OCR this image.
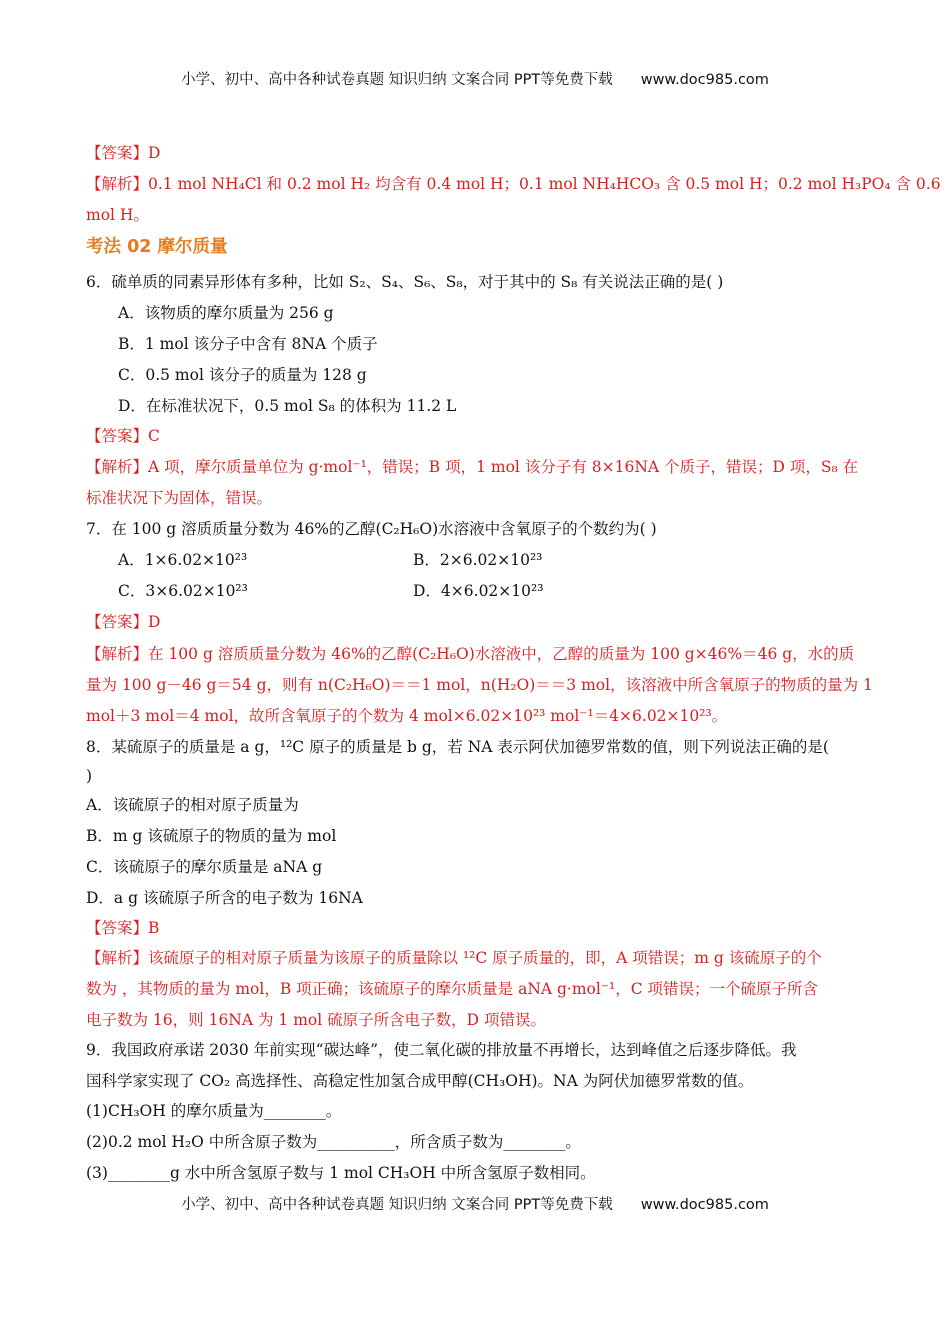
小学、初中、高中各种试卷真题 知识归纳 文案合同 PPT等免费下载 www.doc985.com
【答案】D
【解析】0.1 mol NH₄Cl 和 0.2 mol H₂ 均含有 0.4 mol H；0.1 mol NH₄HCO₃ 含 0.5 mol H；0.2 mol H₃PO₄ 含 0.6
mol H。
考法 02 摩尔质量
6．硫单质的同素异形体有多种，比如 S₂、S₄、S₆、S₈，对于其中的 S₈ 有关说法正确的是( )
A．该物质的摩尔质量为 256 g
B．1 mol 该分子中含有 8NA 个质子
C．0.5 mol 该分子的质量为 128 g
D．在标准状况下，0.5 mol S₈ 的体积为 11.2 L
【答案】C
【解析】A 项，摩尔质量单位为 g·mol⁻¹，错误；B 项，1 mol 该分子有 8×16NA 个质子，错误；D 项，S₈ 在
标准状况下为固体，错误。
7．在 100 g 溶质质量分数为 46%的乙醇(C₂H₆O)水溶液中含氧原子的个数约为( )
A．1×6.02×10²³	B．2×6.02×10²³
C．3×6.02×10²³	D．4×6.02×10²³
【答案】D
【解析】在 100 g 溶质质量分数为 46%的乙醇(C₂H₆O)水溶液中，乙醇的质量为 100 g×46%＝46 g，水的质
量为 100 g－46 g＝54 g，则有 n(C₂H₆O)＝＝1 mol，n(H₂O)＝＝3 mol，该溶液中所含氧原子的物质的量为 1
mol＋3 mol＝4 mol，故所含氧原子的个数为 4 mol×6.02×10²³ mol⁻¹＝4×6.02×10²³。
8．某硫原子的质量是 a g，¹²C 原子的质量是 b g，若 NA 表示阿伏加德罗常数的值，则下列说法正确的是(
)
A．该硫原子的相对原子质量为
B．m g 该硫原子的物质的量为 mol
C．该硫原子的摩尔质量是 aNA g
D．a g 该硫原子所含的电子数为 16NA
【答案】B
【解析】该硫原子的相对原子质量为该原子的质量除以 ¹²C 原子质量的，即，A 项错误；m g 该硫原子的个
数为 ，其物质的量为 mol，B 项正确；该硫原子的摩尔质量是 aNA g·mol⁻¹，C 项错误；一个硫原子所含
电子数为 16，则 16NA 为 1 mol 硫原子所含电子数，D 项错误。
9．我国政府承诺 2030 年前实现“碳达峰”，使二氧化碳的排放量不再增长，达到峰值之后逐步降低。我
国科学家实现了 CO₂ 高选择性、高稳定性加氢合成甲醇(CH₃OH)。NA 为阿伏加德罗常数的值。
(1)CH₃OH 的摩尔质量为________。
(2)0.2 mol H₂O 中所含原子数为__________，所含质子数为________。
(3)________g 水中所含氢原子数与 1 mol CH₃OH 中所含氢原子数相同。
小学、初中、高中各种试卷真题 知识归纳 文案合同 PPT等免费下载 www.doc985.com
